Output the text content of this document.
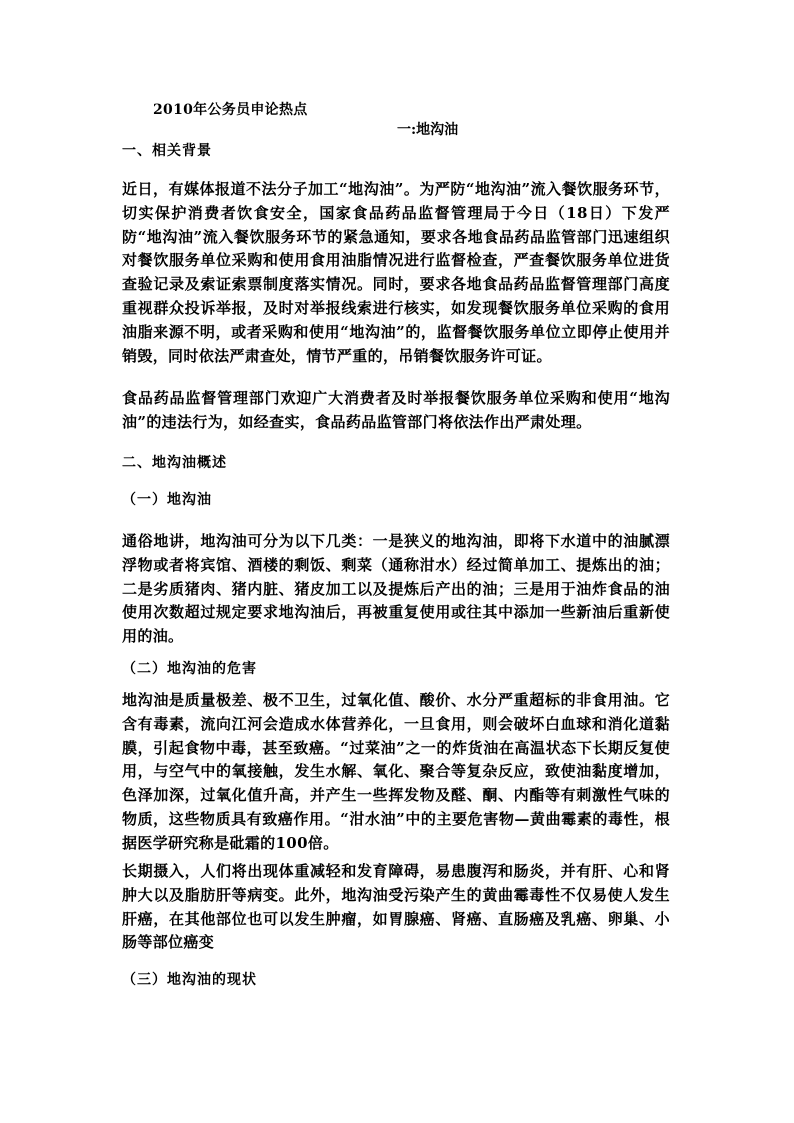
2010年公务员申论热点
一:地沟油
一、相关背景
近日，有媒体报道不法分子加工“地沟油”。为严防“地沟油”流入餐饮服务环节，切实保护消费者饮食安全，国家食品药品监督管理局于今日（18日）下发严防“地沟油”流入餐饮服务环节的紧急通知，要求各地食品药品监管部门迅速组织对餐饮服务单位采购和使用食用油脂情况进行监督检查，严查餐饮服务单位进货查验记录及索证索票制度落实情况。同时，要求各地食品药品监督管理部门高度重视群众投诉举报，及时对举报线索进行核实，如发现餐饮服务单位采购的食用油脂来源不明，或者采购和使用“地沟油”的，监督餐饮服务单位立即停止使用并销毁，同时依法严肃查处，情节严重的，吊销餐饮服务许可证。
食品药品监督管理部门欢迎广大消费者及时举报餐饮服务单位采购和使用“地沟油”的违法行为，如经查实，食品药品监管部门将依法作出严肃处理。
二、地沟油概述
（一）地沟油
通俗地讲，地沟油可分为以下几类：一是狭义的地沟油，即将下水道中的油腻漂浮物或者将宾馆、酒楼的剩饭、剩菜（通称泔水）经过简单加工、提炼出的油；二是劣质猪肉、猪内脏、猪皮加工以及提炼后产出的油；三是用于油炸食品的油使用次数超过规定要求地沟油后，再被重复使用或往其中添加一些新油后重新使用的油。
（二）地沟油的危害
地沟油是质量极差、极不卫生，过氧化值、酸价、水分严重超标的非食用油。它含有毒素，流向江河会造成水体营养化，一旦食用，则会破坏白血球和消化道黏膜，引起食物中毒，甚至致癌。“过菜油”之一的炸货油在高温状态下长期反复使用，与空气中的氧接触，发生水解、氧化、聚合等复杂反应，致使油黏度增加，色泽加深，过氧化值升高，并产生一些挥发物及醛、酮、内酯等有刺激性气味的物质，这些物质具有致癌作用。“泔水油”中的主要危害物—黄曲霉素的毒性，根据医学研究称是砒霜的100倍。
长期摄入，人们将出现体重减轻和发育障碍，易患腹泻和肠炎，并有肝、心和肾肿大以及脂肪肝等病变。此外，地沟油受污染产生的黄曲霉毒性不仅易使人发生肝癌，在其他部位也可以发生肿瘤，如胃腺癌、肾癌、直肠癌及乳癌、卵巢、小肠等部位癌变
（三）地沟油的现状
